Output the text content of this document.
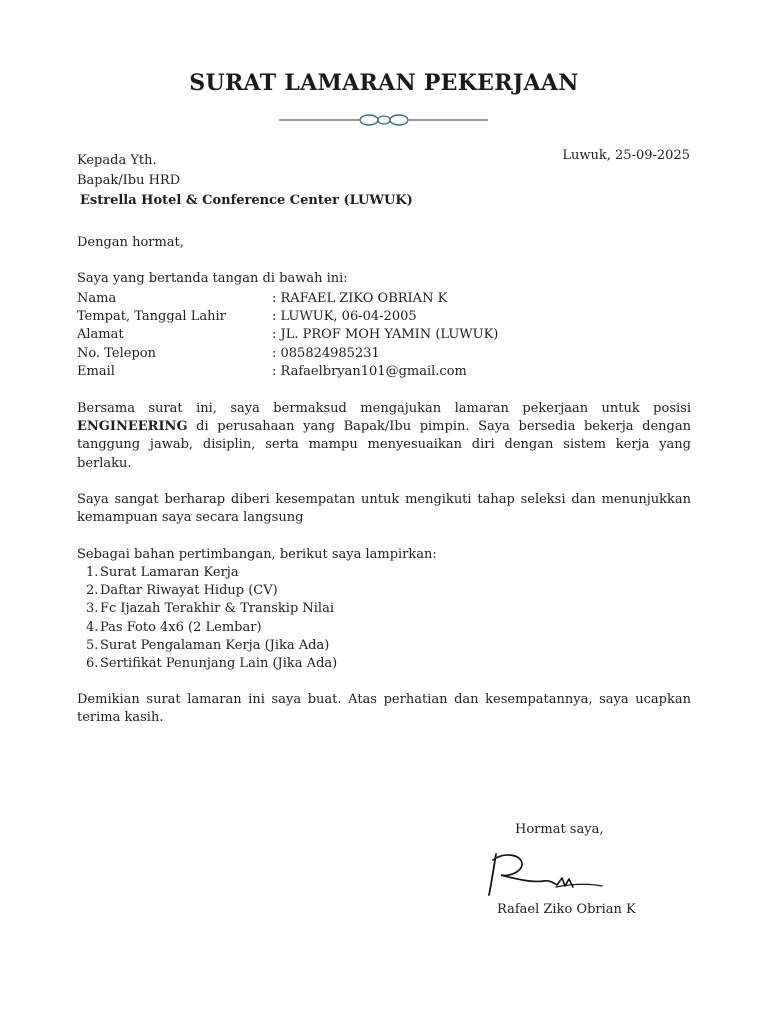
SURAT LAMARAN PEKERJAAN
Luwuk, 25-09-2025
Kepada Yth.
Bapak/Ibu HRD
Estrella Hotel & Conference Center (LUWUK)
Dengan hormat,
Saya yang bertanda tangan di bawah ini:
Nama	: RAFAEL ZIKO OBRIAN K
Tempat, Tanggal Lahir	: LUWUK, 06-04-2005
Alamat	: JL. PROF MOH YAMIN (LUWUK)
No. Telepon	: 085824985231
Email	: Rafaelbryan101@gmail.com
Bersama surat ini, saya bermaksud mengajukan lamaran pekerjaan untuk posisi ENGINEERING di perusahaan yang Bapak/Ibu pimpin. Saya bersedia bekerja dengan tanggung jawab, disiplin, serta mampu menyesuaikan diri dengan sistem kerja yang berlaku.
Saya sangat berharap diberi kesempatan untuk mengikuti tahap seleksi dan menunjukkan kemampuan saya secara langsung
Sebagai bahan pertimbangan, berikut saya lampirkan:
1. Surat Lamaran Kerja
2. Daftar Riwayat Hidup (CV)
3. Fc Ijazah Terakhir & Transkip Nilai
4. Pas Foto 4x6 (2 Lembar)
5. Surat Pengalaman Kerja (Jika Ada)
6. Sertifikat Penunjang Lain (Jika Ada)
Demikian surat lamaran ini saya buat. Atas perhatian dan kesempatannya, saya ucapkan terima kasih.
Hormat saya,
Rafael Ziko Obrian K
